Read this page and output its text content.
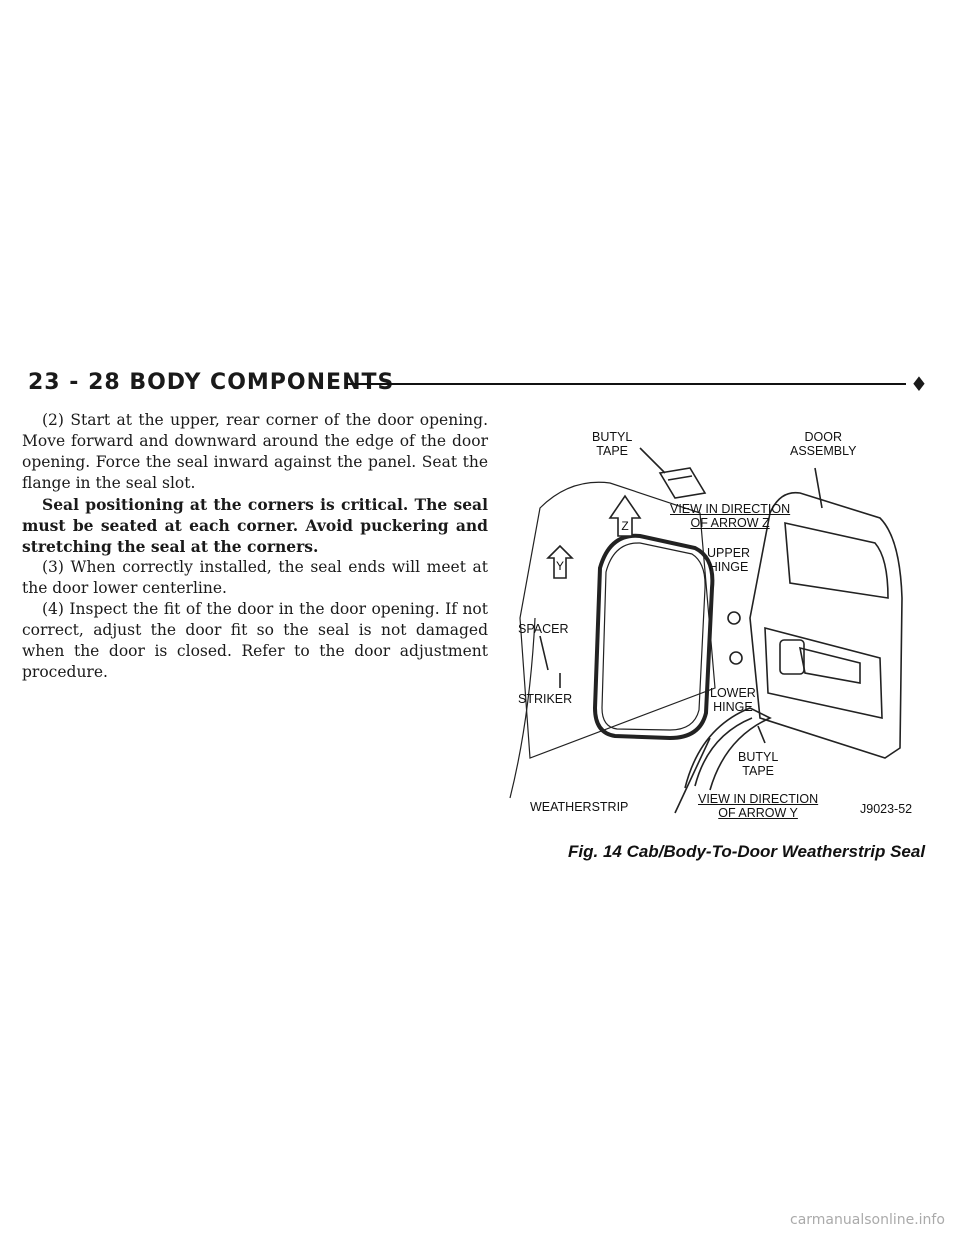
23 - 28 BODY COMPONENTS	♦

(2) Start at the upper, rear corner of the door opening. Move forward and downward around the edge of the door opening. Force the seal inward against the panel. Seat the flange in the seal slot.

Seal positioning at the corners is critical. The seal must be seated at each corner. Avoid puckering and stretching the seal at the corners.

(3) When correctly installed, the seal ends will meet at the door lower centerline.

(4) Inspect the fit of the door in the door opening. If not correct, adjust the door fit so the seal is not damaged when the door is closed. Refer to the door adjustment procedure.

Z
Y
BUTYL
TAPE
DOOR
ASSEMBLY
VIEW IN DIRECTION
OF ARROW Z
UPPER
HINGE
SPACER
STRIKER	LOWER
HINGE
BUTYL
TAPE
WEATHERSTRIP
VIEW IN DIRECTION
OF ARROW Y	J9023-52
Fig. 14 Cab/Body-To-Door Weatherstrip Seal
carmanualsonline.info
